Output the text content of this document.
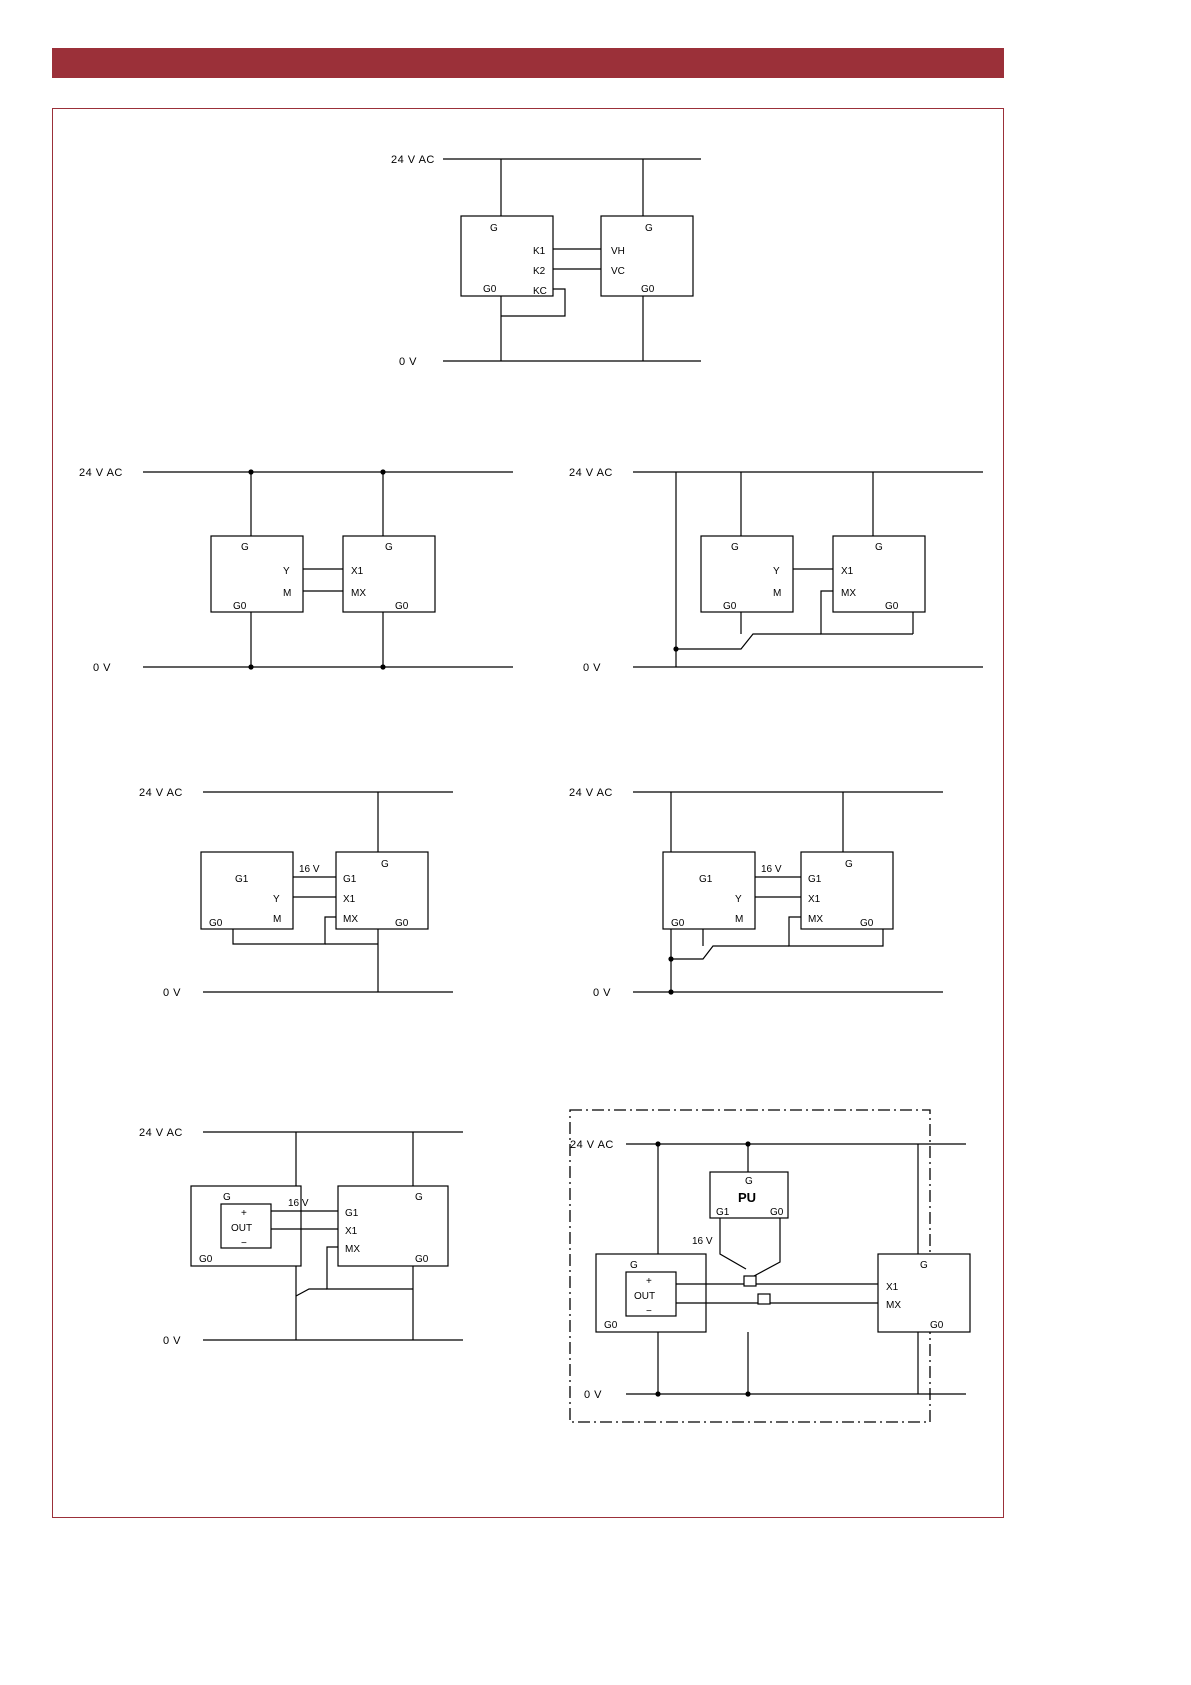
24 V AC
0 V
G
K1
K2
KC
G0
G
VH
VC
G0
24 V AC
0 V
G
Y
M
G0
G
X1
MX
G0
24 V AC
0 V
G
Y
M
G0
G
X1
MX
G0
24 V AC
0 V
G1
Y
M
G0
G
G1
X1
MX	G0
16 V
24 V AC
0 V
G1
Y
M
G0
G
G1
X1
MX	G0
16 V
24 V AC
0 V
G
+
OUT
−
G0
G
G1
X1
MX
G0
16 V
24 V AC
0 V
G
PU
G1	G0
16 V
G
+
OUT
−
G0
G
X1
MX
G0
